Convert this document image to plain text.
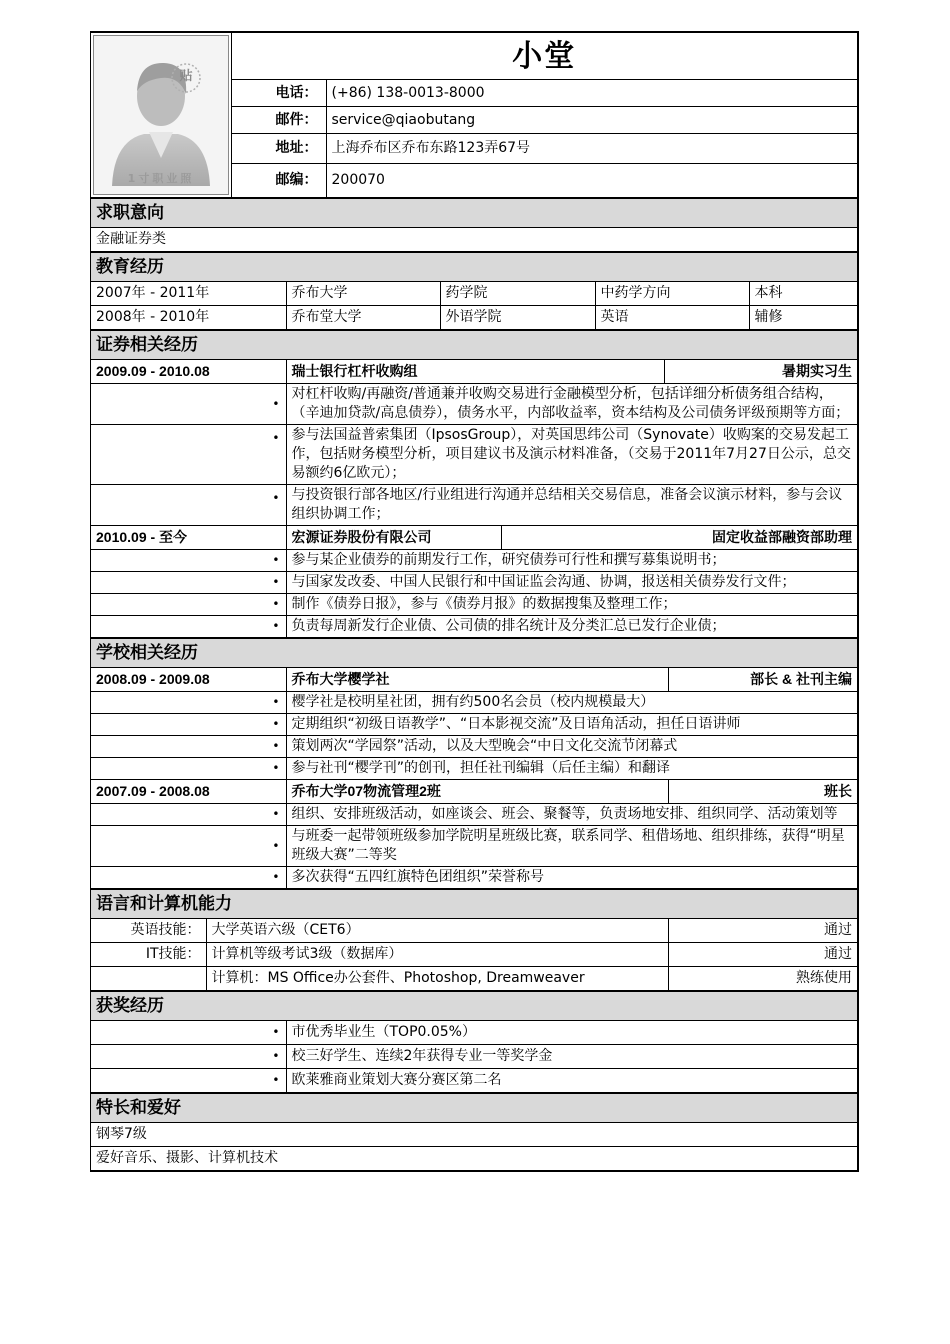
贴
1寸职业照	小堂	
	电话：	(+86) 138-0013-8000
	邮件：	service@qiaobutang
	地址：	上海乔布区乔布东路123弄67号
	邮编：	200070
求职意向
金融证券类
教育经历				
2007年 - 2011年	乔布大学	药学院	中药学方向	本科
2008年 - 2010年	乔布堂大学	外语学院	英语	辅修
证券相关经历			
2009.09 - 2010.08	瑞士银行杠杆收购组		暑期实习生
•	对杠杆收购/再融资/普通兼并收购交易进行金融模型分析，包括详细分析债务组合结构，（辛迪加贷款/高息债券），债务水平，内部收益率，资本结构及公司债务评级预期等方面；		
•	参与法国益普索集团（IpsosGroup），对英国思纬公司（Synovate）收购案的交易发起工作，包括财务模型分析，项目建议书及演示材料准备，（交易于2011年7月27日公示，总交易额约6亿欧元）；		
•	与投资银行部各地区/行业组进行沟通并总结相关交易信息，准备会议演示材料，参与会议组织协调工作；		
2010.09 - 至今	宏源证券股份有限公司	固定收益部融资部助理	
•	参与某企业债券的前期发行工作，研究债券可行性和撰写募集说明书；		
•	与国家发改委、中国人民银行和中国证监会沟通、协调，报送相关债券发行文件；		
•	制作《债券日报》，参与《债券月报》的数据搜集及整理工作；		
•	负责每周新发行企业债、公司债的排名统计及分类汇总已发行企业债；		
学校相关经历		
2008.09 - 2009.08	乔布大学樱学社	部长 & 社刊主编
•	樱学社是校明星社团，拥有约500名会员（校内规模最大）	
•	定期组织“初级日语教学”、“日本影视交流”及日语角活动，担任日语讲师	
•	策划两次“学园祭”活动，以及大型晚会“中日文化交流节闭幕式	
•	参与社刊“樱学刊”的创刊，担任社刊编辑（后任主编）和翻译	
2007.09 - 2008.08	乔布大学07物流管理2班	班长
•	组织、安排班级活动，如座谈会、班会、聚餐等，负责场地安排、组织同学、活动策划等	
•	与班委一起带领班级参加学院明星班级比赛，联系同学、租借场地、组织排练，获得“明星班级大赛”二等奖	
•	多次获得“五四红旗特色团组织”荣誉称号	
语言和计算机能力		
英语技能：	大学英语六级（CET6）	通过
IT技能：	计算机等级考试3级（数据库）	通过
	计算机：MS Office办公套件、Photoshop, Dreamweaver	熟练使用
获奖经历	
•	市优秀毕业生（TOP0.05%）
•	校三好学生、连续2年获得专业一等奖学金
•	欧莱雅商业策划大赛分赛区第二名
特长和爱好
钢琴7级
爱好音乐、摄影、计算机技术
